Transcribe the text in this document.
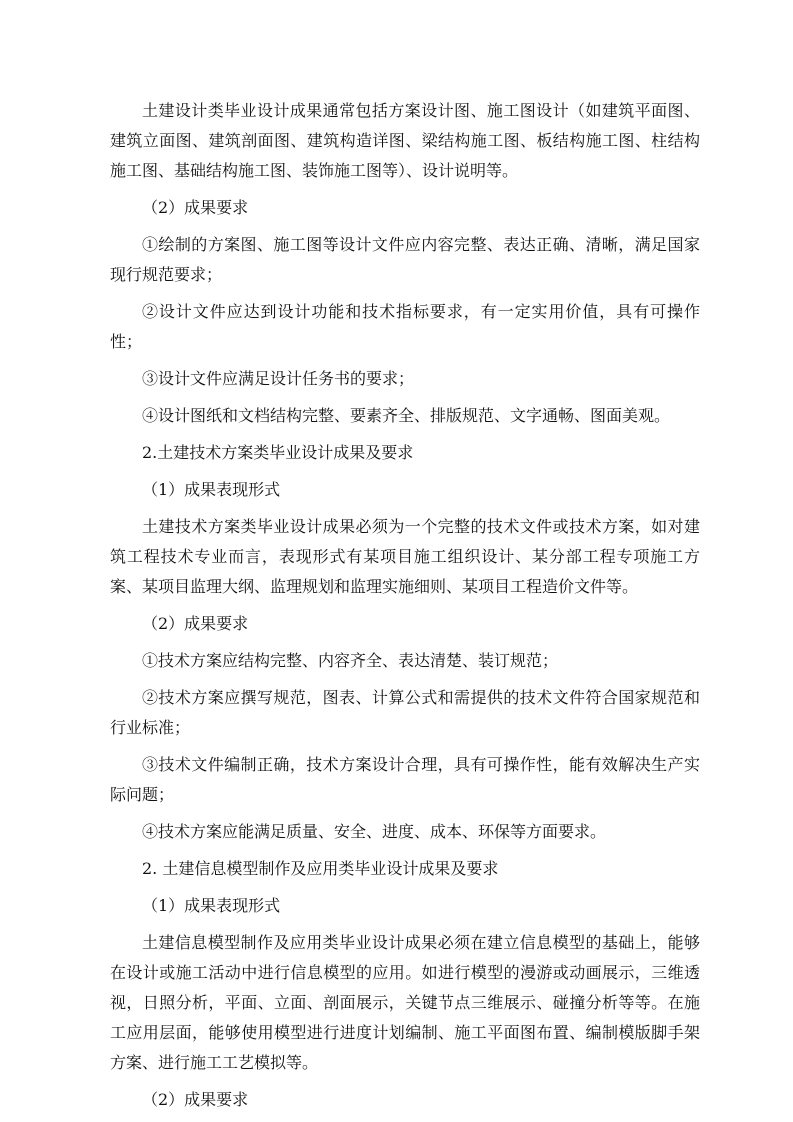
土建设计类毕业设计成果通常包括方案设计图、施工图设计（如建筑平面图、建筑立面图、建筑剖面图、建筑构造详图、梁结构施工图、板结构施工图、柱结构施工图、基础结构施工图、装饰施工图等）、设计说明等。

（2）成果要求

①绘制的方案图、施工图等设计文件应内容完整、表达正确、清晰，满足国家现行规范要求；

②设计文件应达到设计功能和技术指标要求，有一定实用价值，具有可操作性；

③设计文件应满足设计任务书的要求；

④设计图纸和文档结构完整、要素齐全、排版规范、文字通畅、图面美观。

2.土建技术方案类毕业设计成果及要求

（1）成果表现形式

土建技术方案类毕业设计成果必须为一个完整的技术文件或技术方案，如对建筑工程技术专业而言，表现形式有某项目施工组织设计、某分部工程专项施工方案、某项目监理大纲、监理规划和监理实施细则、某项目工程造价文件等。

（2）成果要求

①技术方案应结构完整、内容齐全、表达清楚、装订规范；

②技术方案应撰写规范，图表、计算公式和需提供的技术文件符合国家规范和行业标准；

③技术文件编制正确，技术方案设计合理，具有可操作性，能有效解决生产实际问题；

④技术方案应能满足质量、安全、进度、成本、环保等方面要求。

2. 土建信息模型制作及应用类毕业设计成果及要求

（1）成果表现形式

土建信息模型制作及应用类毕业设计成果必须在建立信息模型的基础上，能够在设计或施工活动中进行信息模型的应用。如进行模型的漫游或动画展示，三维透视，日照分析，平面、立面、剖面展示，关键节点三维展示、碰撞分析等等。在施工应用层面，能够使用模型进行进度计划编制、施工平面图布置、编制模版脚手架方案、进行施工工艺模拟等。

（2）成果要求
